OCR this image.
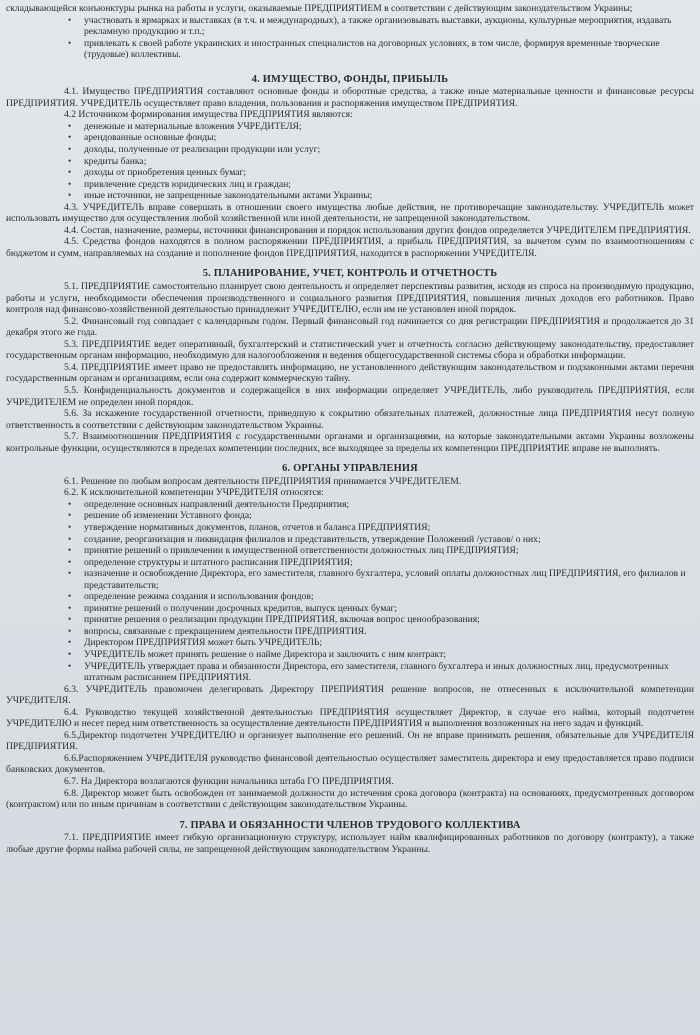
складывающейся конъюнктуры рынка на работы и услуги, оказываемые ПРЕДПРИЯТИЕМ в соответствии с действующим законодательством Украины;
• участвовать в ярмарках и выставках (в т.ч. и международных), а также организовывать выставки, аукционы, культурные мероприятия, издавать рекламную продукцию и т.п.;
• привлекать к своей работе украинских и иностранных специалистов на договорных условиях, в том числе, формируя временные творческие (трудовые) коллективы.
4. ИМУЩЕСТВО, ФОНДЫ, ПРИБЫЛЬ
4.1. Имущество ПРЕДПРИЯТИЯ составляют основные фонды и оборотные средства, а также иные материальные ценности и финансовые ресурсы ПРЕДПРИЯТИЯ. УЧРЕДИТЕЛЬ осуществляет право владения, пользования и распоряжения имуществом ПРЕДПРИЯТИЯ.
4.2 Источником формирования имущества ПРЕДПРИЯТИЯ являются:
• денежные и материальные вложения УЧРЕДИТЕЛЯ;
• арендованные основные фонды;
• доходы, полученные от реализации продукции или услуг;
• кредиты банка;
• доходы от приобретения ценных бумаг;
• привлечение средств юридических лиц и граждан;
• иные источники, не запрещенные законодательными актами Украины;
4.3. УЧРЕДИТЕЛЬ вправе совершать в отношении своего имущества любые действия, не противоречащие законодательству. УЧРЕДИТЕЛЬ может использовать имущество для осуществления любой хозяйственной или иной деятельности, не запрещенной законодательством.
4.4. Состав, назначение, размеры, источники финансирования и порядок использования других фондов определяется УЧРЕДИТЕЛЕМ ПРЕДПРИЯТИЯ.
4.5. Средства фондов находятся в полном распоряжении ПРЕДПРИЯТИЯ, а прибыль ПРЕДПРИЯТИЯ, за вычетом сумм по взаимоотношениям с бюджетом и сумм, направляемых на создание и пополнение фондов ПРЕДПРИЯТИЯ, находится в распоряжении УЧРЕДИТЕЛЯ.
5. ПЛАНИРОВАНИЕ, УЧЕТ, КОНТРОЛЬ И ОТЧЕТНОСТЬ
5.1. ПРЕДПРИЯТИЕ самостоятельно планирует свою деятельность и определяет перспективы развития, исходя из спроса на производимую продукцию, работы и услуги, необходимости обеспечения производственного и социального развития ПРЕДПРИЯТИЯ, повышения личных доходов его работников. Право контроля над финансово-хозяйственной деятельностью принадлежит УЧРЕДИТЕЛЮ, если им не установлен иной порядок.
5.2. Финансовый год совпадает с календарным годом. Первый финансовый год начинается со дня регистрации ПРЕДПРИЯТИЯ и продолжается до 31 декабря этого же года.
5.3. ПРЕДПРИЯТИЕ ведет оперативный, бухгалтерский и статистический учет и отчетность согласно действующему законодательству, предоставляет государственным органам информацию, необходимую для налогообложения и ведения общегосударственной системы сбора и обработки информации.
5.4. ПРЕДПРИЯТИЕ имеет право не предоставлять информацию, не установленного действующим законодательством и подзаконными актами перечня государственным органам и организациям, если она содержит коммерческую тайну.
5.5. Конфиденциальность документов и содержащейся в них информации определяет УЧРЕДИТЕЛЬ, либо руководитель ПРЕДПРИЯТИЯ, если УЧРЕДИТЕЛЕМ не определен иной порядок.
5.6. За искажение государственной отчетности, приведшую к сокрытию обязательных платежей, должностные лица ПРЕДПРИЯТИЯ несут полную ответственность в соответствии с действующим законодательством Украины.
5.7. Взаимоотношения ПРЕДПРИЯТИЯ с государственными органами и организациями, на которые законодательными актами Украины возложены контрольные функции, осуществляются в пределах компетенции последних, все выходящее за пределы их компетенции ПРЕДПРИЯТИЕ вправе не выполнять.
6. ОРГАНЫ УПРАВЛЕНИЯ
6.1. Решение по любым вопросам деятельности ПРЕДПРИЯТИЯ принимается УЧРЕДИТЕЛЕМ.
6.2. К исключительной компетенции УЧРЕДИТЕЛЯ относятся:
• определение основных направлений деятельности Предприятия;
• решение об изменении Уставного фонда;
• утверждение нормативных документов, планов, отчетов и баланса ПРЕДПРИЯТИЯ;
• создание, реорганизация и ликвидация филиалов и представительств, утверждение Положений /уставов/ о них;
• принятие решений о привлечении к имущественной ответственности должностных лиц ПРЕДПРИЯТИЯ;
• определение структуры и штатного расписания ПРЕДПРИЯТИЯ;
• назначение и освобождение Директора, его заместителя, главного бухгалтера, условий оплаты должностных лиц ПРЕДПРИЯТИЯ, его филиалов и представительств;
• определение режима создания и использования фондов;
• принятие решений о получении досрочных кредитов, выпуск ценных бумаг;
• принятие решения о реализации продукции ПРЕДПРИЯТИЯ, включая вопрос ценообразования;
• вопросы, связанные с прекращением деятельности ПРЕДПРИЯТИЯ.
• Директором ПРЕДПРИЯТИЯ может быть УЧРЕДИТЕЛЬ;
• УЧРЕДИТЕЛЬ может принять решение о найме Директора и заключить с ним контракт;
• УЧРЕДИТЕЛЬ утверждает права и обязанности Директора, его заместителя, главного бухгалтера и иных должностных лиц, предусмотренных штатным расписанием ПРЕДПРИЯТИЯ.
6.3. УЧРЕДИТЕЛЬ правомочен делегировать Директору ПРЕПРИЯТИЯ решение вопросов, не отнесенных к исключительной компетенции УЧРЕДИТЕЛЯ.
6.4. Руководство текущей хозяйственной деятельностью ПРЕДПРИЯТИЯ осуществляет Директор, в случае его найма, который подотчетен УЧРЕДИТЕЛЮ и несет перед ним ответственность за осуществление деятельности ПРЕДПРИЯТИЯ и выполнения возложенных на него задач и функций.
6.5.Директор подотчетен УЧРЕДИТЕЛЮ и организует выполнение его решений. Он не вправе принимать решения, обязательные для УЧРЕДИТЕЛЯ ПРЕДПРИЯТИЯ.
6.6.Распоряжением УЧРЕДИТЕЛЯ руководство финансовой деятельностью осуществляет заместитель директора и ему предоставляется право подписи банковских документов.
6.7. На Директора возлагаются функции начальника штаба ГО ПРЕДПРИЯТИЯ.
6.8. Директор может быть освобожден от занимаемой должности до истечения срока договора (контракта) на основаниях, предусмотренных договором (контрактом) или по иным причинам в соответствии с действующим законодательством Украины.
7. ПРАВА И ОБЯЗАННОСТИ ЧЛЕНОВ ТРУДОВОГО КОЛЛЕКТИВА
7.1. ПРЕДПРИЯТИЕ имеет гибкую организационную структуру, использует найм квалифицированных работников по договору (контракту), а также любые другие формы найма рабочей силы, не запрещенной действующим законодательством Украины.
